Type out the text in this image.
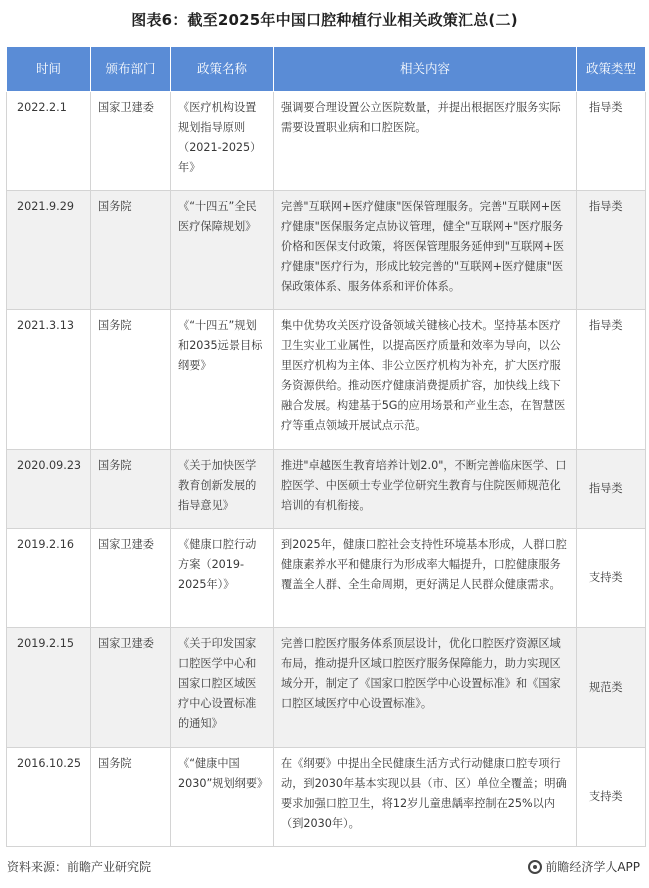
图表6：截至2025年中国口腔种植行业相关政策汇总(二)
时间	颁布部门	政策名称	相关内容	政策类型
2022.2.1	国家卫建委	《医疗机构设置规划指导原则（2021-2025）年》	强调要合理设置公立医院数量，并提出根据医疗服务实际需要设置职业病和口腔医院。	指导类
2021.9.29	国务院	《“十四五”全民医疗保障规划》	完善"互联网+医疗健康"医保管理服务。完善"互联网+医疗健康"医保服务定点协议管理，健全"互联网+"医疗服务价格和医保支付政策，将医保管理服务延伸到"互联网+医疗健康"医疗行为，形成比较完善的"互联网+医疗健康"医保政策体系、服务体系和评价体系。	指导类
2021.3.13	国务院	《“十四五”规划和2035远景目标纲要》	集中优势攻关医疗设备领域关键核心技术。坚持基本医疗卫生实业工业属性，以提高医疗质量和效率为导向，以公里医疗机构为主体、非公立医疗机构为补充，扩大医疗服务资源供给。推动医疗健康消费提质扩容，加快线上线下融合发展。构建基于5G的应用场景和产业生态，在智慧医疗等重点领域开展试点示范。	指导类
2020.09.23	国务院	《关于加快医学教育创新发展的指导意见》	推进"卓越医生教育培养计划2.0"，不断完善临床医学、口腔医学、中医硕士专业学位研究生教育与住院医师规范化培训的有机衔接。	指导类
2019.2.16	国家卫建委	《健康口腔行动方案（2019-2025年）》	到2025年，健康口腔社会支持性环境基本形成，人群口腔健康素养水平和健康行为形成率大幅提升，口腔健康服务覆盖全人群、全生命周期，更好满足人民群众健康需求。	支持类
2019.2.15	国家卫建委	《关于印发国家口腔医学中心和国家口腔区域医疗中心设置标准的通知》	完善口腔医疗服务体系顶层设计，优化口腔医疗资源区域布局，推动提升区域口腔医疗服务保障能力，助力实现区域分开，制定了《国家口腔医学中心设置标准》和《国家口腔区域医疗中心设置标准》。	规范类
2016.10.25	国务院	《“健康中国2030”规划纲要》	在《纲要》中提出全民健康生活方式行动健康口腔专项行动，到2030年基本实现以县（市、区）单位全覆盖；明确要求加强口腔卫生，将12岁儿童患龋率控制在25%以内（到2030年）。	支持类
资料来源：前瞻产业研究院	前瞻经济学人APP
